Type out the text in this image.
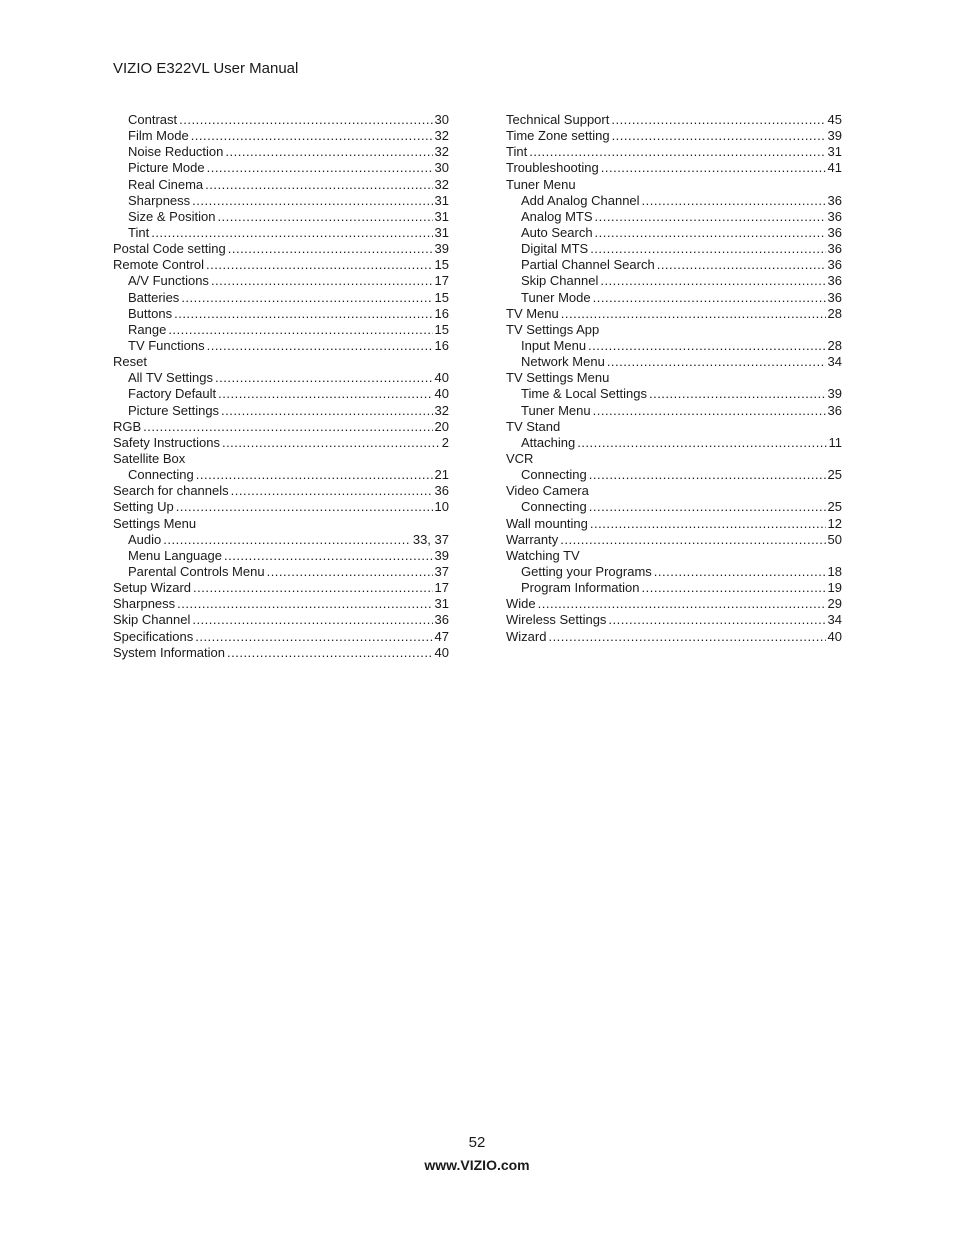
VIZIO E322VL User Manual
Contrast .....	30
Film Mode .....	32
Noise Reduction .....	32
Picture Mode .....	30
Real Cinema .....	32
Sharpness .....	31
Size & Position .....	31
Tint .....	31
Postal Code setting .....	39
Remote Control .....	15
A/V Functions .....	17
Batteries .....	15
Buttons .....	16
Range .....	15
TV Functions .....	16
Reset
All TV Settings .....	40
Factory Default .....	40
Picture Settings .....	32
RGB .....	20
Safety Instructions .....	2
Satellite Box
Connecting .....	21
Search for channels .....	36
Setting Up .....	10
Settings Menu
Audio .....	33, 37
Menu Language .....	39
Parental Controls Menu .....	37
Setup Wizard .....	17
Sharpness .....	31
Skip Channel .....	36
Specifications .....	47
System Information .....	40
Technical Support .....	45
Time Zone setting .....	39
Tint .....	31
Troubleshooting .....	41
Tuner Menu
Add Analog Channel .....	36
Analog MTS .....	36
Auto Search .....	36
Digital MTS .....	36
Partial Channel Search .....	36
Skip Channel .....	36
Tuner Mode .....	36
TV Menu .....	28
TV Settings App
Input Menu .....	28
Network Menu .....	34
TV Settings Menu
Time & Local Settings .....	39
Tuner Menu .....	36
TV Stand
Attaching .....	11
VCR
Connecting .....	25
Video Camera
Connecting .....	25
Wall mounting .....	12
Warranty .....	50
Watching TV
Getting your Programs .....	18
Program Information .....	19
Wide .....	29
Wireless Settings .....	34
Wizard .....	40
52
www.VIZIO.com
